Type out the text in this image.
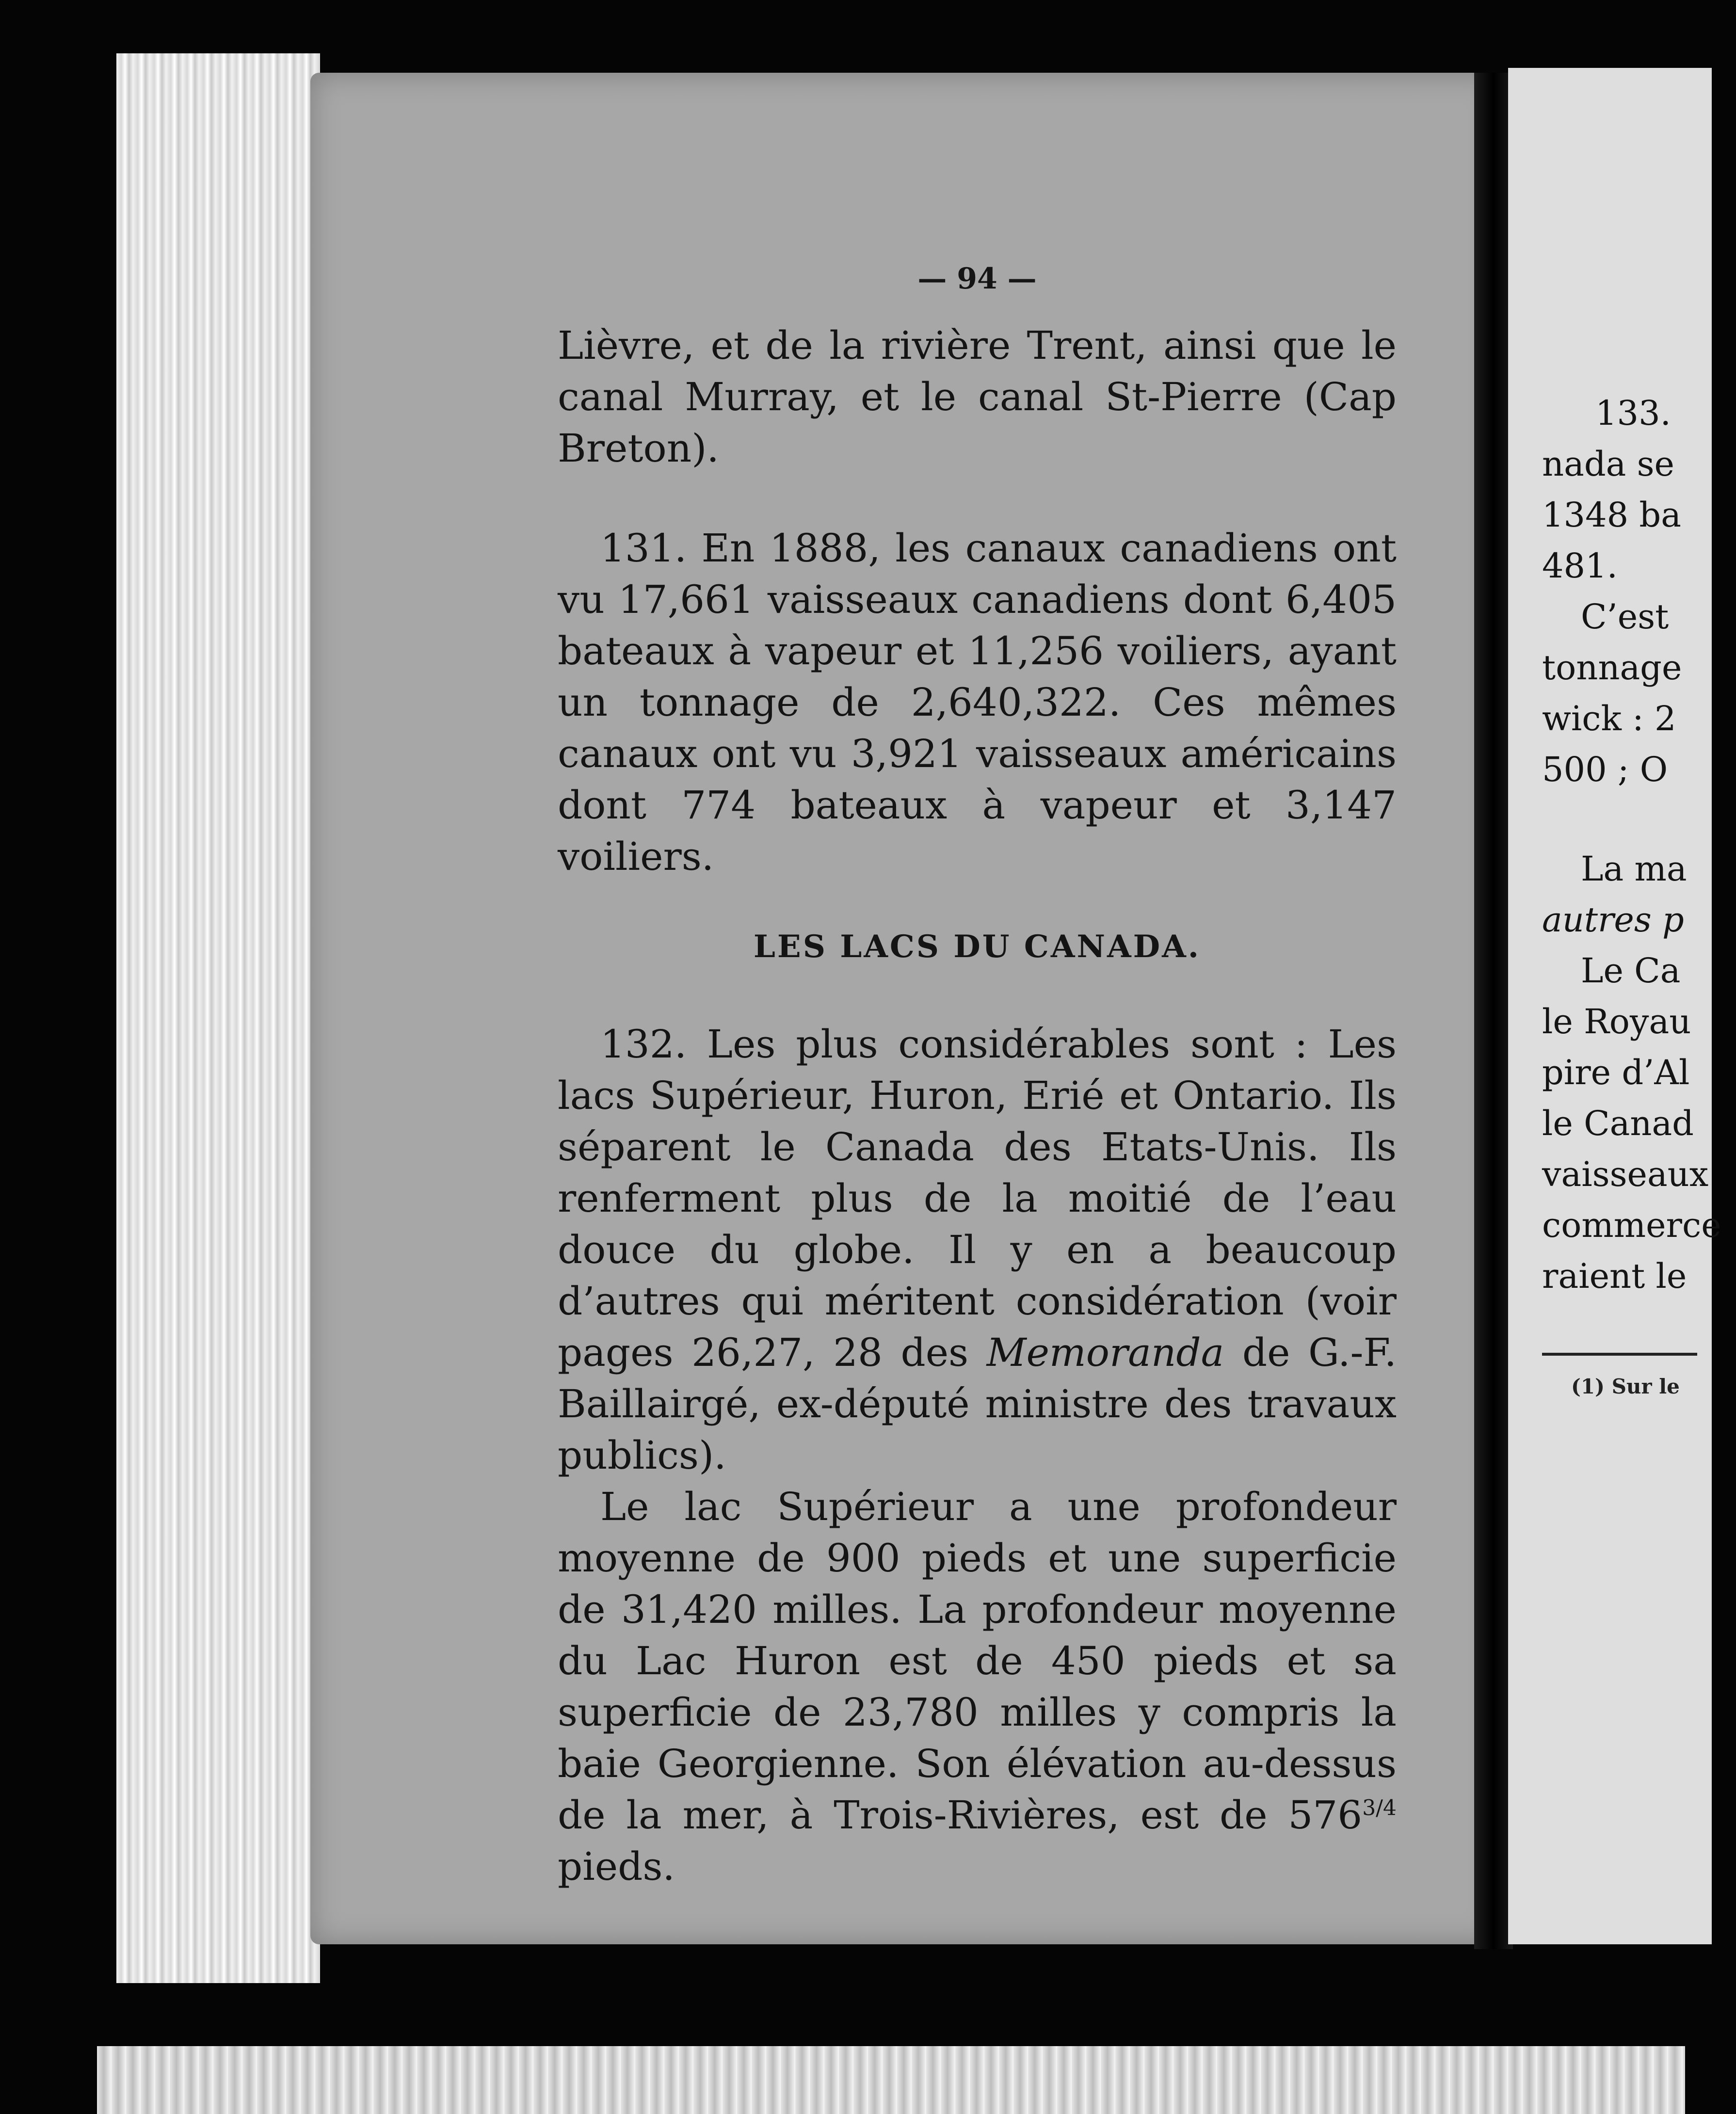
— 94 —

Lièvre, et de la rivière Trent, ainsi que le canal Murray, et le canal St-Pierre (Cap Breton).

131. En 1888, les canaux canadiens ont vu 17,661 vaisseaux canadiens dont 6,405 bateaux à vapeur et 11,256 voiliers, ayant un tonnage de 2,640,322. Ces mêmes canaux ont vu 3,921 vaisseaux américains dont 774 bateaux à vapeur et 3,147 voiliers.

LES LACS DU CANADA.

132. Les plus considérables sont : Les lacs Supérieur, Huron, Erié et Ontario. Ils séparent le Canada des Etats-Unis. Ils renferment plus de la moitié de l’eau douce du globe. Il y en a beaucoup d’autres qui méritent considération (voir pages 26,27, 28 des Memoranda de G.-F. Baillairgé, ex-député ministre des travaux publics).

Le lac Supérieur a une profondeur moyenne de 900 pieds et une superficie de 31,420 milles. La profondeur moyenne du Lac Huron est de 450 pieds et sa superficie de 23,780 milles y compris la baie Georgienne. Son élévation au-dessus de la mer, à Trois-Rivières, est de $576^{3/4}$ pieds.

133.
nada se
1348 ba
481.
C’est
tonnage
wick : 2
500 ; O
La ma
autres p
Le Ca
le Royau
pire d’Al
le Canad
vaisseaux
commerce
raient le
(1) Sur le
